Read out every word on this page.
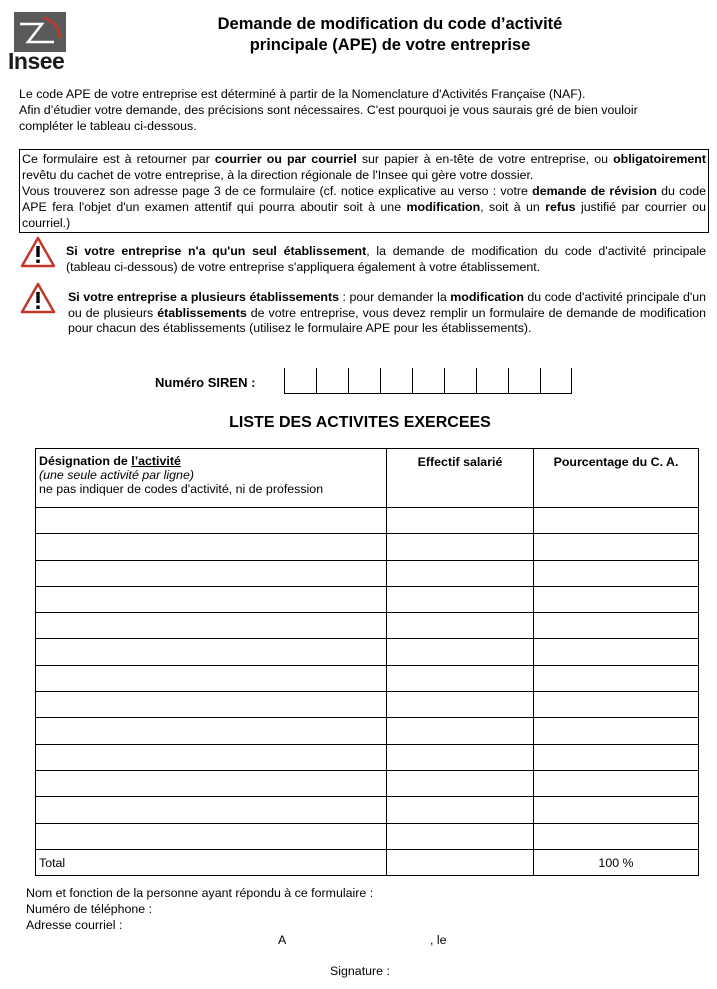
Insee
Demande de modification du code d’activité
principale (APE) de votre entreprise

Le code APE de votre entreprise est déterminé à partir de la Nomenclature d'Activités Française (NAF).

Afin d’étudier votre demande, des précisions sont nécessaires. C'est pourquoi je vous saurais gré de bien vouloir

compléter le tableau ci-dessous.

Ce formulaire est à retourner par courrier ou par courriel sur papier à en-tête de votre entreprise, ou obligatoirement revêtu du cachet de votre entreprise, à la direction régionale de l'Insee qui gère votre dossier.

Vous trouverez son adresse page 3 de ce formulaire (cf. notice explicative au verso : votre demande de révision du code APE fera l'objet d'un examen attentif qui pourra aboutir soit à une modification, soit à un refus justifié par courrier ou courriel.)

Si votre entreprise n'a qu'un seul établissement, la demande de modification du code d'activité principale (tableau ci-dessous) de votre entreprise s'appliquera également à votre établissement.
Si votre entreprise a plusieurs établissements : pour demander la modification du code d'activité principale d'un ou de plusieurs établissements de votre entreprise, vous devez remplir un formulaire de demande de modification pour chacun des établissements (utilisez le formulaire APE pour les établissements).
Numéro SIREN :
LISTE DES ACTIVITES EXERCEES
Désignation de l’activité
(une seule activité par ligne)
ne pas indiquer de codes d'activité, ni de profession	Effectif salarié	Pourcentage du C. A.

Total		100 %
Nom et fonction de la personne ayant répondu à ce formulaire :
Numéro de téléphone :
Adresse courriel :
A	, le
Signature :
